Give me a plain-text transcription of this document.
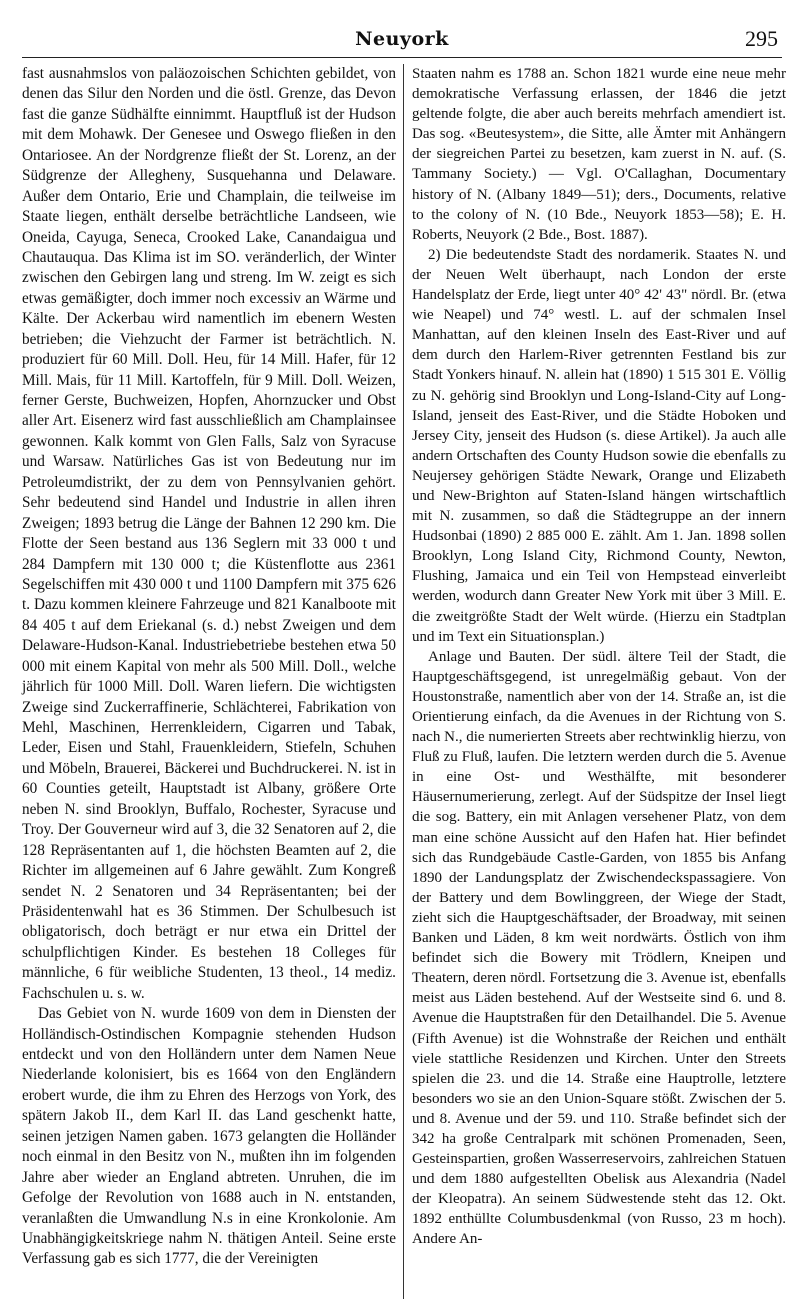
Neuyork	295

fast ausnahmslos von paläozoischen Schichten gebildet, von denen das Silur den Norden und die östl. Grenze, das Devon fast die ganze Südhälfte einnimmt. Hauptfluß ist der Hudson mit dem Mohawk. Der Genesee und Oswego fließen in den Ontariosee. An der Nordgrenze fließt der St. Lorenz, an der Südgrenze der Allegheny, Susquehanna und Delaware. Außer dem Ontario, Erie und Champlain, die teilweise im Staate liegen, enthält derselbe beträchtliche Landseen, wie Oneida, Cayuga, Seneca, Crooked Lake, Canandaigua und Chautauqua. Das Klima ist im SO. veränderlich, der Winter zwischen den Gebirgen lang und streng. Im W. zeigt es sich etwas gemäßigter, doch immer noch excessiv an Wärme und Kälte. Der Ackerbau wird namentlich im ebenern Westen betrieben; die Viehzucht der Farmer ist beträchtlich. N. produziert für 60 Mill. Doll. Heu, für 14 Mill. Hafer, für 12 Mill. Mais, für 11 Mill. Kartoffeln, für 9 Mill. Doll. Weizen, ferner Gerste, Buchweizen, Hopfen, Ahornzucker und Obst aller Art. Eisenerz wird fast ausschließlich am Champlainsee gewonnen. Kalk kommt von Glen Falls, Salz von Syracuse und Warsaw. Natürliches Gas ist von Bedeutung nur im Petroleumdistrikt, der zu dem von Pennsylvanien gehört. Sehr bedeutend sind Handel und Industrie in allen ihren Zweigen; 1893 betrug die Länge der Bahnen 12 290 km. Die Flotte der Seen bestand aus 136 Seglern mit 33 000 t und 284 Dampfern mit 130 000 t; die Küstenflotte aus 2361 Segelschiffen mit 430 000 t und 1100 Dampfern mit 375 626 t. Dazu kommen kleinere Fahrzeuge und 821 Kanalboote mit 84 405 t auf dem Eriekanal (s. d.) nebst Zweigen und dem Delaware-Hudson-Kanal. Industriebetriebe bestehen etwa 50 000 mit einem Kapital von mehr als 500 Mill. Doll., welche jährlich für 1000 Mill. Doll. Waren liefern. Die wichtigsten Zweige sind Zuckerraffinerie, Schlächterei, Fabrikation von Mehl, Maschinen, Herrenkleidern, Cigarren und Tabak, Leder, Eisen und Stahl, Frauenkleidern, Stiefeln, Schuhen und Möbeln, Brauerei, Bäckerei und Buchdruckerei. N. ist in 60 Counties geteilt, Hauptstadt ist Albany, größere Orte neben N. sind Brooklyn, Buffalo, Rochester, Syracuse und Troy. Der Gouverneur wird auf 3, die 32 Senatoren auf 2, die 128 Repräsentanten auf 1, die höchsten Beamten auf 2, die Richter im allgemeinen auf 6 Jahre gewählt. Zum Kongreß sendet N. 2 Senatoren und 34 Repräsentanten; bei der Präsidentenwahl hat es 36 Stimmen. Der Schulbesuch ist obligatorisch, doch beträgt er nur etwa ein Drittel der schulpflichtigen Kinder. Es bestehen 18 Colleges für männliche, 6 für weibliche Studenten, 13 theol., 14 mediz. Fachschulen u. s. w.

Das Gebiet von N. wurde 1609 von dem in Diensten der Holländisch-Ostindischen Kompagnie stehenden Hudson entdeckt und von den Holländern unter dem Namen Neue Niederlande kolonisiert, bis es 1664 von den Engländern erobert wurde, die ihm zu Ehren des Herzogs von York, des spätern Jakob II., dem Karl II. das Land geschenkt hatte, seinen jetzigen Namen gaben. 1673 gelangten die Holländer noch einmal in den Besitz von N., mußten ihn im folgenden Jahre aber wieder an England abtreten. Unruhen, die im Gefolge der Revolution von 1688 auch in N. entstanden, veranlaßten die Umwandlung N.s in eine Kronkolonie. Am Unabhängigkeitskriege nahm N. thätigen Anteil. Seine erste Verfassung gab es sich 1777, die der Vereinigten

Staaten nahm es 1788 an. Schon 1821 wurde eine neue mehr demokratische Verfassung erlassen, der 1846 die jetzt geltende folgte, die aber auch bereits mehrfach amendiert ist. Das sog. «Beutesystem», die Sitte, alle Ämter mit Anhängern der siegreichen Partei zu besetzen, kam zuerst in N. auf. (S. Tammany Society.) — Vgl. O'Callaghan, Documentary history of N. (Albany 1849—51); ders., Documents, relative to the colony of N. (10 Bde., Neuyork 1853—58); E. H. Roberts, Neuyork (2 Bde., Bost. 1887).

2) Die bedeutendste Stadt des nordamerik. Staates N. und der Neuen Welt überhaupt, nach London der erste Handelsplatz der Erde, liegt unter 40° 42' 43" nördl. Br. (etwa wie Neapel) und 74° westl. L. auf der schmalen Insel Manhattan, auf den kleinen Inseln des East-River und auf dem durch den Harlem-River getrennten Festland bis zur Stadt Yonkers hinauf. N. allein hat (1890) 1 515 301 E. Völlig zu N. gehörig sind Brooklyn und Long-Island-City auf Long-Island, jenseit des East-River, und die Städte Hoboken und Jersey City, jenseit des Hudson (s. diese Artikel). Ja auch alle andern Ortschaften des County Hudson sowie die ebenfalls zu Neujersey gehörigen Städte Newark, Orange und Elizabeth und New-Brighton auf Staten-Island hängen wirtschaftlich mit N. zusammen, so daß die Städtegruppe an der innern Hudsonbai (1890) 2 885 000 E. zählt. Am 1. Jan. 1898 sollen Brooklyn, Long Island City, Richmond County, Newton, Flushing, Jamaica und ein Teil von Hempstead einverleibt werden, wodurch dann Greater New York mit über 3 Mill. E. die zweitgrößte Stadt der Welt würde. (Hierzu ein Stadtplan und im Text ein Situationsplan.)

Anlage und Bauten. Der südl. ältere Teil der Stadt, die Hauptgeschäftsgegend, ist unregelmäßig gebaut. Von der Houstonstraße, namentlich aber von der 14. Straße an, ist die Orientierung einfach, da die Avenues in der Richtung von S. nach N., die numerierten Streets aber rechtwinklig hierzu, von Fluß zu Fluß, laufen. Die letztern werden durch die 5. Avenue in eine Ost- und Westhälfte, mit besonderer Häusernumerierung, zerlegt. Auf der Südspitze der Insel liegt die sog. Battery, ein mit Anlagen versehener Platz, von dem man eine schöne Aussicht auf den Hafen hat. Hier befindet sich das Rundgebäude Castle-Garden, von 1855 bis Anfang 1890 der Landungsplatz der Zwischendeckspassagiere. Von der Battery und dem Bowlinggreen, der Wiege der Stadt, zieht sich die Hauptgeschäftsader, der Broadway, mit seinen Banken und Läden, 8 km weit nordwärts. Östlich von ihm befindet sich die Bowery mit Trödlern, Kneipen und Theatern, deren nördl. Fortsetzung die 3. Avenue ist, ebenfalls meist aus Läden bestehend. Auf der Westseite sind 6. und 8. Avenue die Hauptstraßen für den Detailhandel. Die 5. Avenue (Fifth Avenue) ist die Wohnstraße der Reichen und enthält viele stattliche Residenzen und Kirchen. Unter den Streets spielen die 23. und die 14. Straße eine Hauptrolle, letztere besonders wo sie an den Union-Square stößt. Zwischen der 5. und 8. Avenue und der 59. und 110. Straße befindet sich der 342 ha große Centralpark mit schönen Promenaden, Seen, Gesteinspartien, großen Wasserreservoirs, zahlreichen Statuen und dem 1880 aufgestellten Obelisk aus Alexandria (Nadel der Kleopatra). An seinem Südwestende steht das 12. Okt. 1892 enthüllte Columbusdenkmal (von Russo, 23 m hoch). Andere An-
